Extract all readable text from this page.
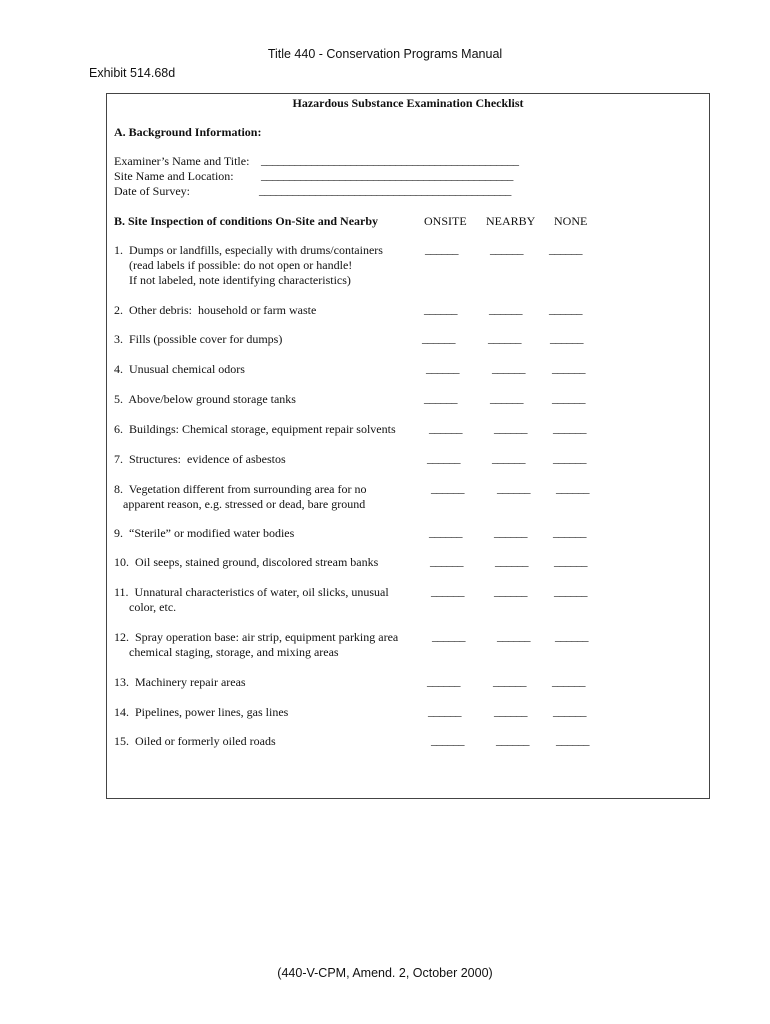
Title 440 - Conservation Programs Manual
Exhibit 514.68d
Hazardous Substance Examination Checklist
A. Background Information:
Examiner’s Name and Title: ______________________________________________
Site Name and Location: _____________________________________________
Date of Survey:	_____________________________________________
B. Site Inspection of conditions On-Site and Nearby	ONSITE NEARBY NONE
1.  Dumps or landfills, especially with drums/containers
(read labels if possible: do not open or handle!
If not labeled, note identifying characteristics)
______	______ ______
2.  Other debris:  household or farm waste	______	______ ______
3.  Fills (possible cover for dumps)	______	______ ______
4.  Unusual chemical odors	______	______ ______
5.  Above/below ground storage tanks	______	______ ______
6.  Buildings: Chemical storage, equipment repair solvents	______	______ ______
7.  Structures:  evidence of asbestos	______	______ ______
8.  Vegetation different from surrounding area for no
apparent reason, e.g. stressed or dead, bare ground
______	______ ______
9.  “Sterile” or modified water bodies	______	______ ______
10.  Oil seeps, stained ground, discolored stream banks	______	______ ______
11.  Unnatural characteristics of water, oil slicks, unusual
color, etc.
______	______ ______
12.  Spray operation base: air strip, equipment parking area
chemical staging, storage, and mixing areas
______	______ ______
13.  Machinery repair areas	______	______ ______
14.  Pipelines, power lines, gas lines	______	______ ______
15.  Oiled or formerly oiled roads	______	______ ______
(440-V-CPM, Amend. 2, October 2000)
